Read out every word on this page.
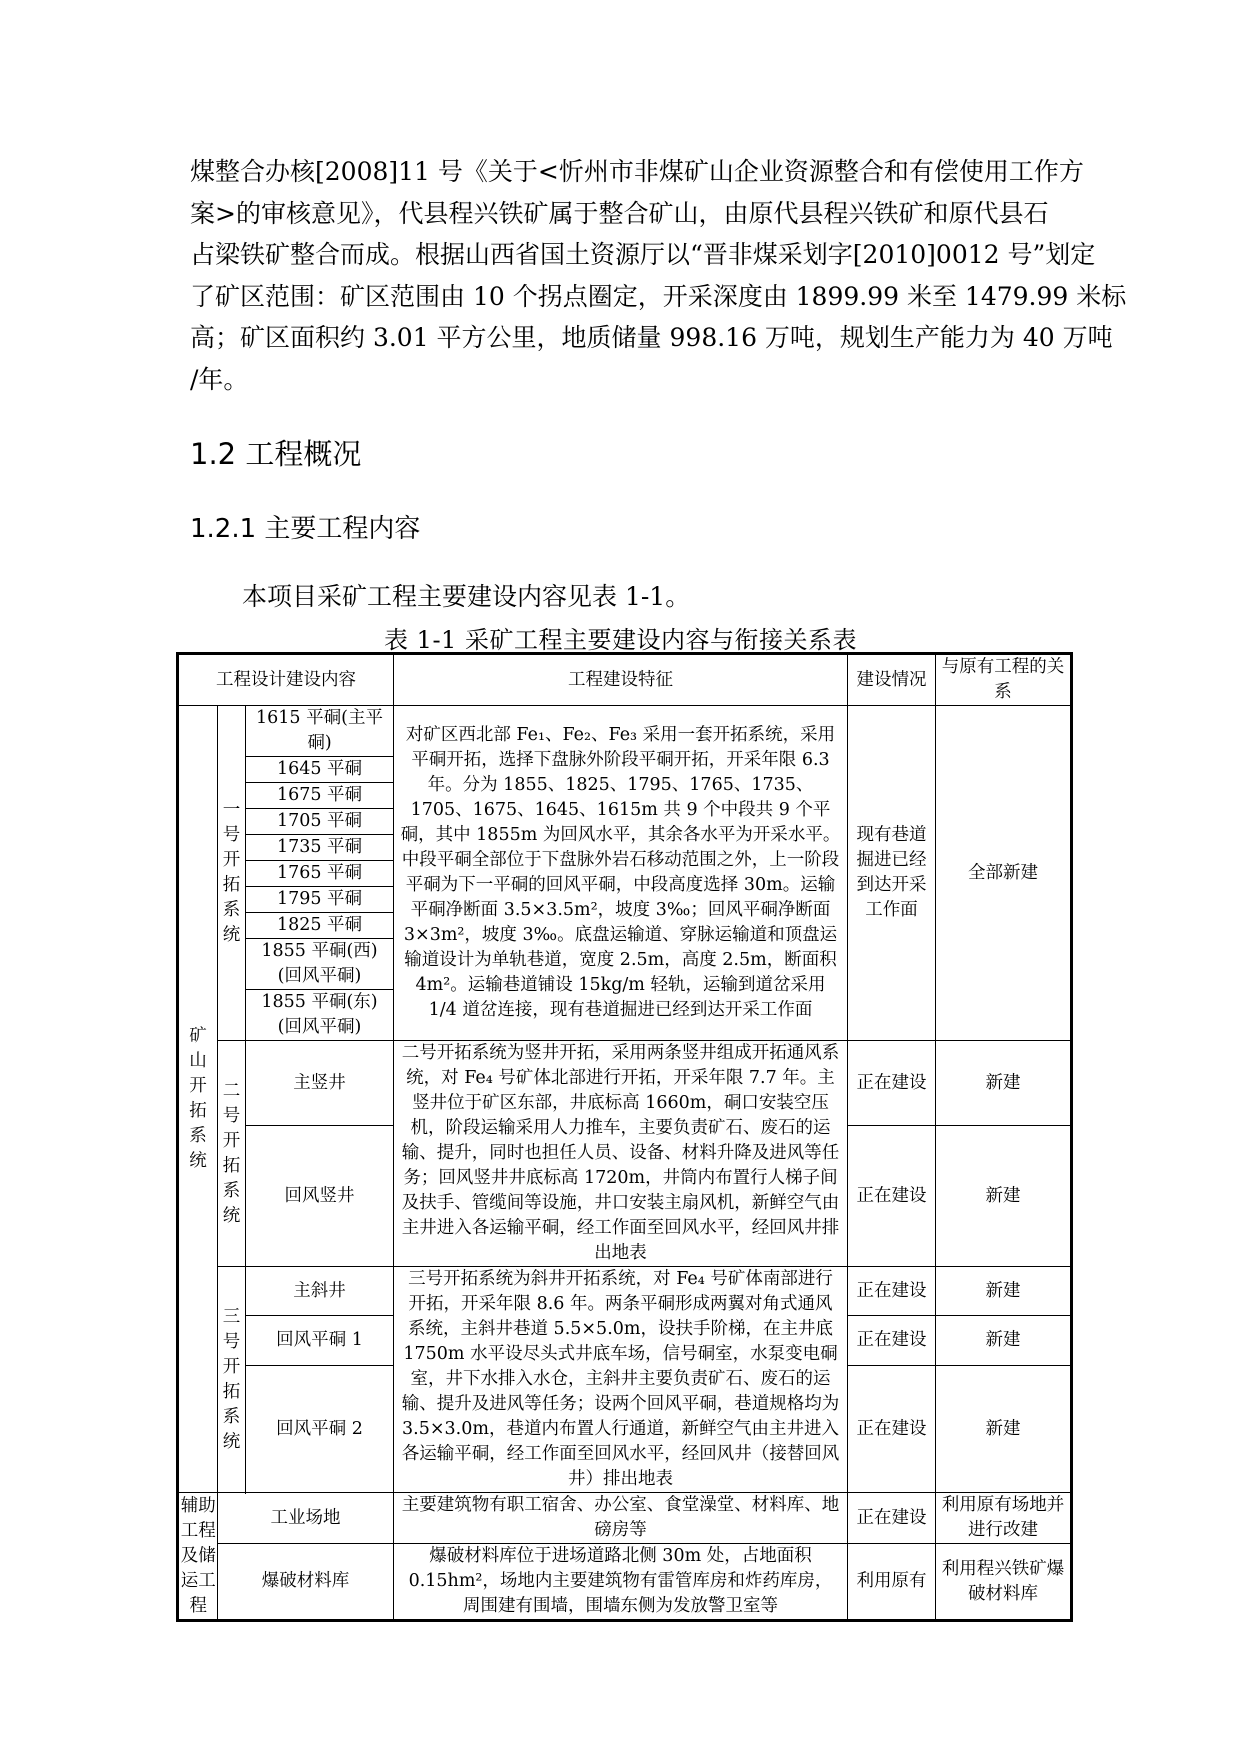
煤整合办核[2008]11 号《关于<忻州市非煤矿山企业资源整合和有偿使用工作方
案>的审核意见》，代县程兴铁矿属于整合矿山，由原代县程兴铁矿和原代县石
占梁铁矿整合而成。根据山西省国土资源厅以“晋非煤采划字[2010]0012 号”划定
了矿区范围：矿区范围由 10 个拐点圈定，开采深度由 1899.99 米至 1479.99 米标
高；矿区面积约 3.01 平方公里，地质储量 998.16 万吨，规划生产能力为 40 万吨
/年。
1.2 工程概况
1.2.1 主要工程内容

本项目采矿工程主要建设内容见表 1-1。

表 1-1 采矿工程主要建设内容与衔接关系表

工程设计建设内容			工程建设特征	建设情况	与原有工程的关系
矿山开拓系统	一号开拓系统	1615 平硐(主平硐)	对矿区西北部 Fe₁、Fe₂、Fe₃ 采用一套开拓系统，采用平硐开拓，选择下盘脉外阶段平硐开拓，开采年限 6.3 年。分为 1855、1825、1795、1765、1735、1705、1675、1645、1615m 共 9 个中段共 9 个平硐，其中 1855m 为回风水平，其余各水平为开采水平。中段平硐全部位于下盘脉外岩石移动范围之外，上一阶段平硐为下一平硐的回风平硐，中段高度选择 30m。运输平硐净断面 3.5×3.5m²，坡度 3‰；回风平硐净断面 3×3m²，坡度 3‰。底盘运输道、穿脉运输道和顶盘运输道设计为单轨巷道，宽度 2.5m，高度 2.5m，断面积 4m²。运输巷道铺设 15kg/m 轻轨，运输到道岔采用 1/4 道岔连接，现有巷道掘进已经到达开采工作面	现有巷道掘进已经到达开采工作面	全部新建
		1645 平硐			
		1675 平硐			
		1705 平硐			
		1735 平硐			
		1765 平硐			
		1795 平硐			
		1825 平硐			
		1855 平硐(西)(回风平硐)			
		1855 平硐(东)(回风平硐)			
	二号开拓系统	主竖井	二号开拓系统为竖井开拓，采用两条竖井组成开拓通风系统，对 Fe₄ 号矿体北部进行开拓，开采年限 7.7 年。主竖井位于矿区东部，井底标高 1660m，硐口安装空压机，阶段运输采用人力推车，主要负责矿石、废石的运输、提升，同时也担任人员、设备、材料升降及进风等任务；回风竖井井底标高 1720m，井筒内布置行人梯子间及扶手、管缆间等设施，井口安装主扇风机，新鲜空气由主井进入各运输平硐，经工作面至回风水平，经回风井排出地表	正在建设	新建
		回风竖井		正在建设	新建
	三号开拓系统	主斜井	三号开拓系统为斜井开拓系统，对 Fe₄ 号矿体南部进行开拓，开采年限 8.6 年。两条平硐形成两翼对角式通风系统，主斜井巷道 5.5×5.0m，设扶手阶梯，在主井底 1750m 水平设尽头式井底车场，信号硐室，水泵变电硐室，井下水排入水仓，主斜井主要负责矿石、废石的运输、提升及进风等任务；设两个回风平硐，巷道规格均为 3.5×3.0m，巷道内布置人行通道，新鲜空气由主井进入各运输平硐，经工作面至回风水平，经回风井（接替回风井）排出地表	正在建设	新建

		回风平硐 1		正在建设	新建
		回风平硐 2		正在建设	新建

辅助工程及储运工程	工业场地		主要建筑物有职工宿舍、办公室、食堂澡堂、材料库、地磅房等	正在建设	利用原有场地并进行改建
	爆破材料库		爆破材料库位于进场道路北侧 30m 处，占地面积 0.15hm²，场地内主要建筑物有雷管库房和炸药库房，周围建有围墙，围墙东侧为发放警卫室等	利用原有	利用程兴铁矿爆破材料库
